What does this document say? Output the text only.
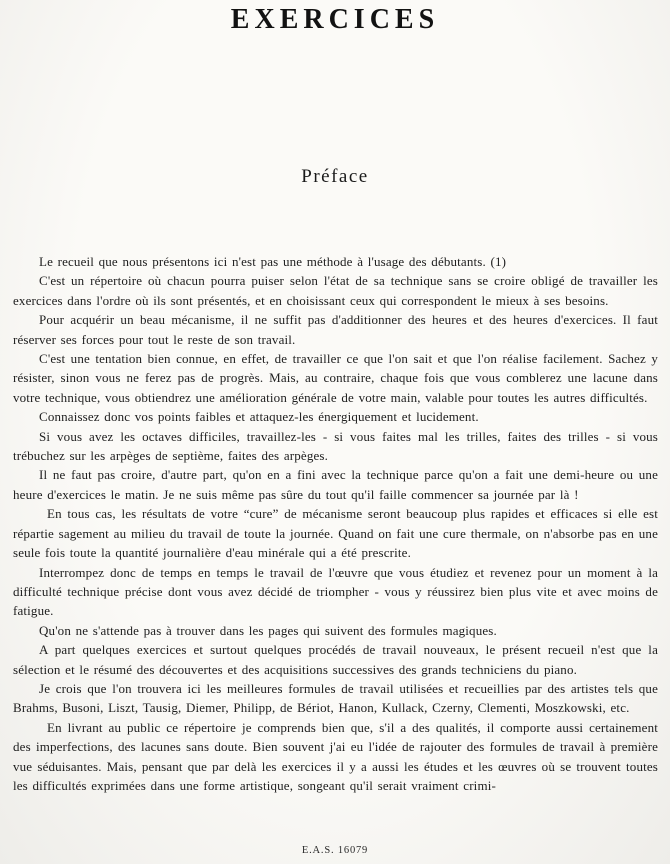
EXERCICES
Préface

Le recueil que nous présentons ici n'est pas une méthode à l'usage des débutants. (1)

C'est un répertoire où chacun pourra puiser selon l'état de sa technique sans se croire obligé de travailler les exercices dans l'ordre où ils sont présentés, et en choisissant ceux qui correspondent le mieux à ses besoins.

Pour acquérir un beau mécanisme, il ne suffit pas d'additionner des heures et des heures d'exercices. Il faut réserver ses forces pour tout le reste de son travail.

C'est une tentation bien connue, en effet, de travailler ce que l'on sait et que l'on réalise facilement. Sachez y résister, sinon vous ne ferez pas de progrès. Mais, au contraire, chaque fois que vous comblerez une lacune dans votre technique, vous obtiendrez une amélioration générale de votre main, valable pour toutes les autres difficultés.

Connaissez donc vos points faibles et attaquez-les énergiquement et lucidement.

Si vous avez les octaves difficiles, travaillez-les - si vous faites mal les trilles, faites des trilles - si vous trébuchez sur les arpèges de septième, faites des arpèges.

Il ne faut pas croire, d'autre part, qu'on en a fini avec la technique parce qu'on a fait une demi-heure ou une heure d'exercices le matin. Je ne suis même pas sûre du tout qu'il faille commencer sa journée par là !

En tous cas, les résultats de votre “cure” de mécanisme seront beaucoup plus rapides et efficaces si elle est répartie sagement au milieu du travail de toute la journée. Quand on fait une cure thermale, on n'absorbe pas en une seule fois toute la quantité journalière d'eau minérale qui a été prescrite.

Interrompez donc de temps en temps le travail de l'œuvre que vous étudiez et revenez pour un moment à la difficulté technique précise dont vous avez décidé de triompher - vous y réussirez bien plus vite et avec moins de fatigue.

Qu'on ne s'attende pas à trouver dans les pages qui suivent des formules magiques.

A part quelques exercices et surtout quelques procédés de travail nouveaux, le présent recueil n'est que la sélection et le résumé des découvertes et des acquisitions successives des grands techniciens du piano.

Je crois que l'on trouvera ici les meilleures formules de travail utilisées et recueillies par des artistes tels que Brahms, Busoni, Liszt, Tausig, Diemer, Philipp, de Bériot, Hanon, Kullack, Czerny, Clementi, Moszkowski, etc.

En livrant au public ce répertoire je comprends bien que, s'il a des qualités, il comporte aussi certainement des imperfections, des lacunes sans doute. Bien souvent j'ai eu l'idée de rajouter des formules de travail à première vue séduisantes. Mais, pensant que par delà les exercices il y a aussi les études et les œuvres où se trouvent toutes les difficultés exprimées dans une forme artistique, songeant qu'il serait vraiment crimi-

E.A.S. 16079
